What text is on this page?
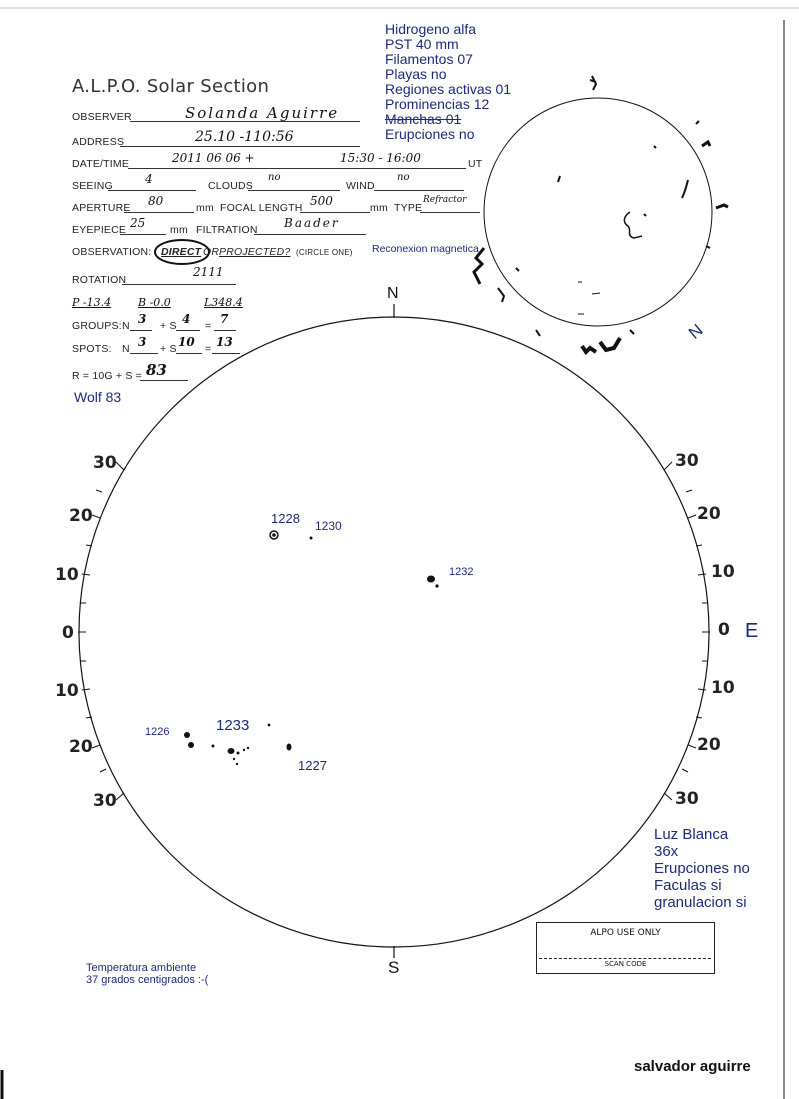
Hidrogeno alfa
PST 40 mm
Filamentos 07
Playas no
Regiones activas 01
Prominencias 12
Manchas 01
Erupciones no
A.L.P.O. Solar Section
OBSERVER	Solanda Aguirre
ADDRESS	25.10 -110:56
DATE/TIME	2011 06 06 +	15:30 - 16:00	UT
SEEING	4	CLOUDS
no
WIND
no
APERTURE 80	mm FOCAL LENGTH 500	mm TYPE
Refractor
EYEPIECE 25 mm FILTRATION Baader
OBSERVATION: DIRECT OR PROJECTED? (CIRCLE ONE) Reconexion magnetica
ROTATION
2111
P -13.4 B -0.0	L348.4
GROUPS: N 3 + S 4 = 7
SPOTS: N 3 + S 10 = 13
R = 10G + S = 83
Wolf 83
N
N
S
E
30
20
10
0
10
20
30
30
20
10
0
10
20
30
1228 1230
1232
1226	1233
1227
Luz Blanca
36x
Erupciones no
Faculas si
granulacion si
ALPO USE ONLY
SCAN CODE
Temperatura ambiente
37 grados centigrados :-(
salvador aguirre
